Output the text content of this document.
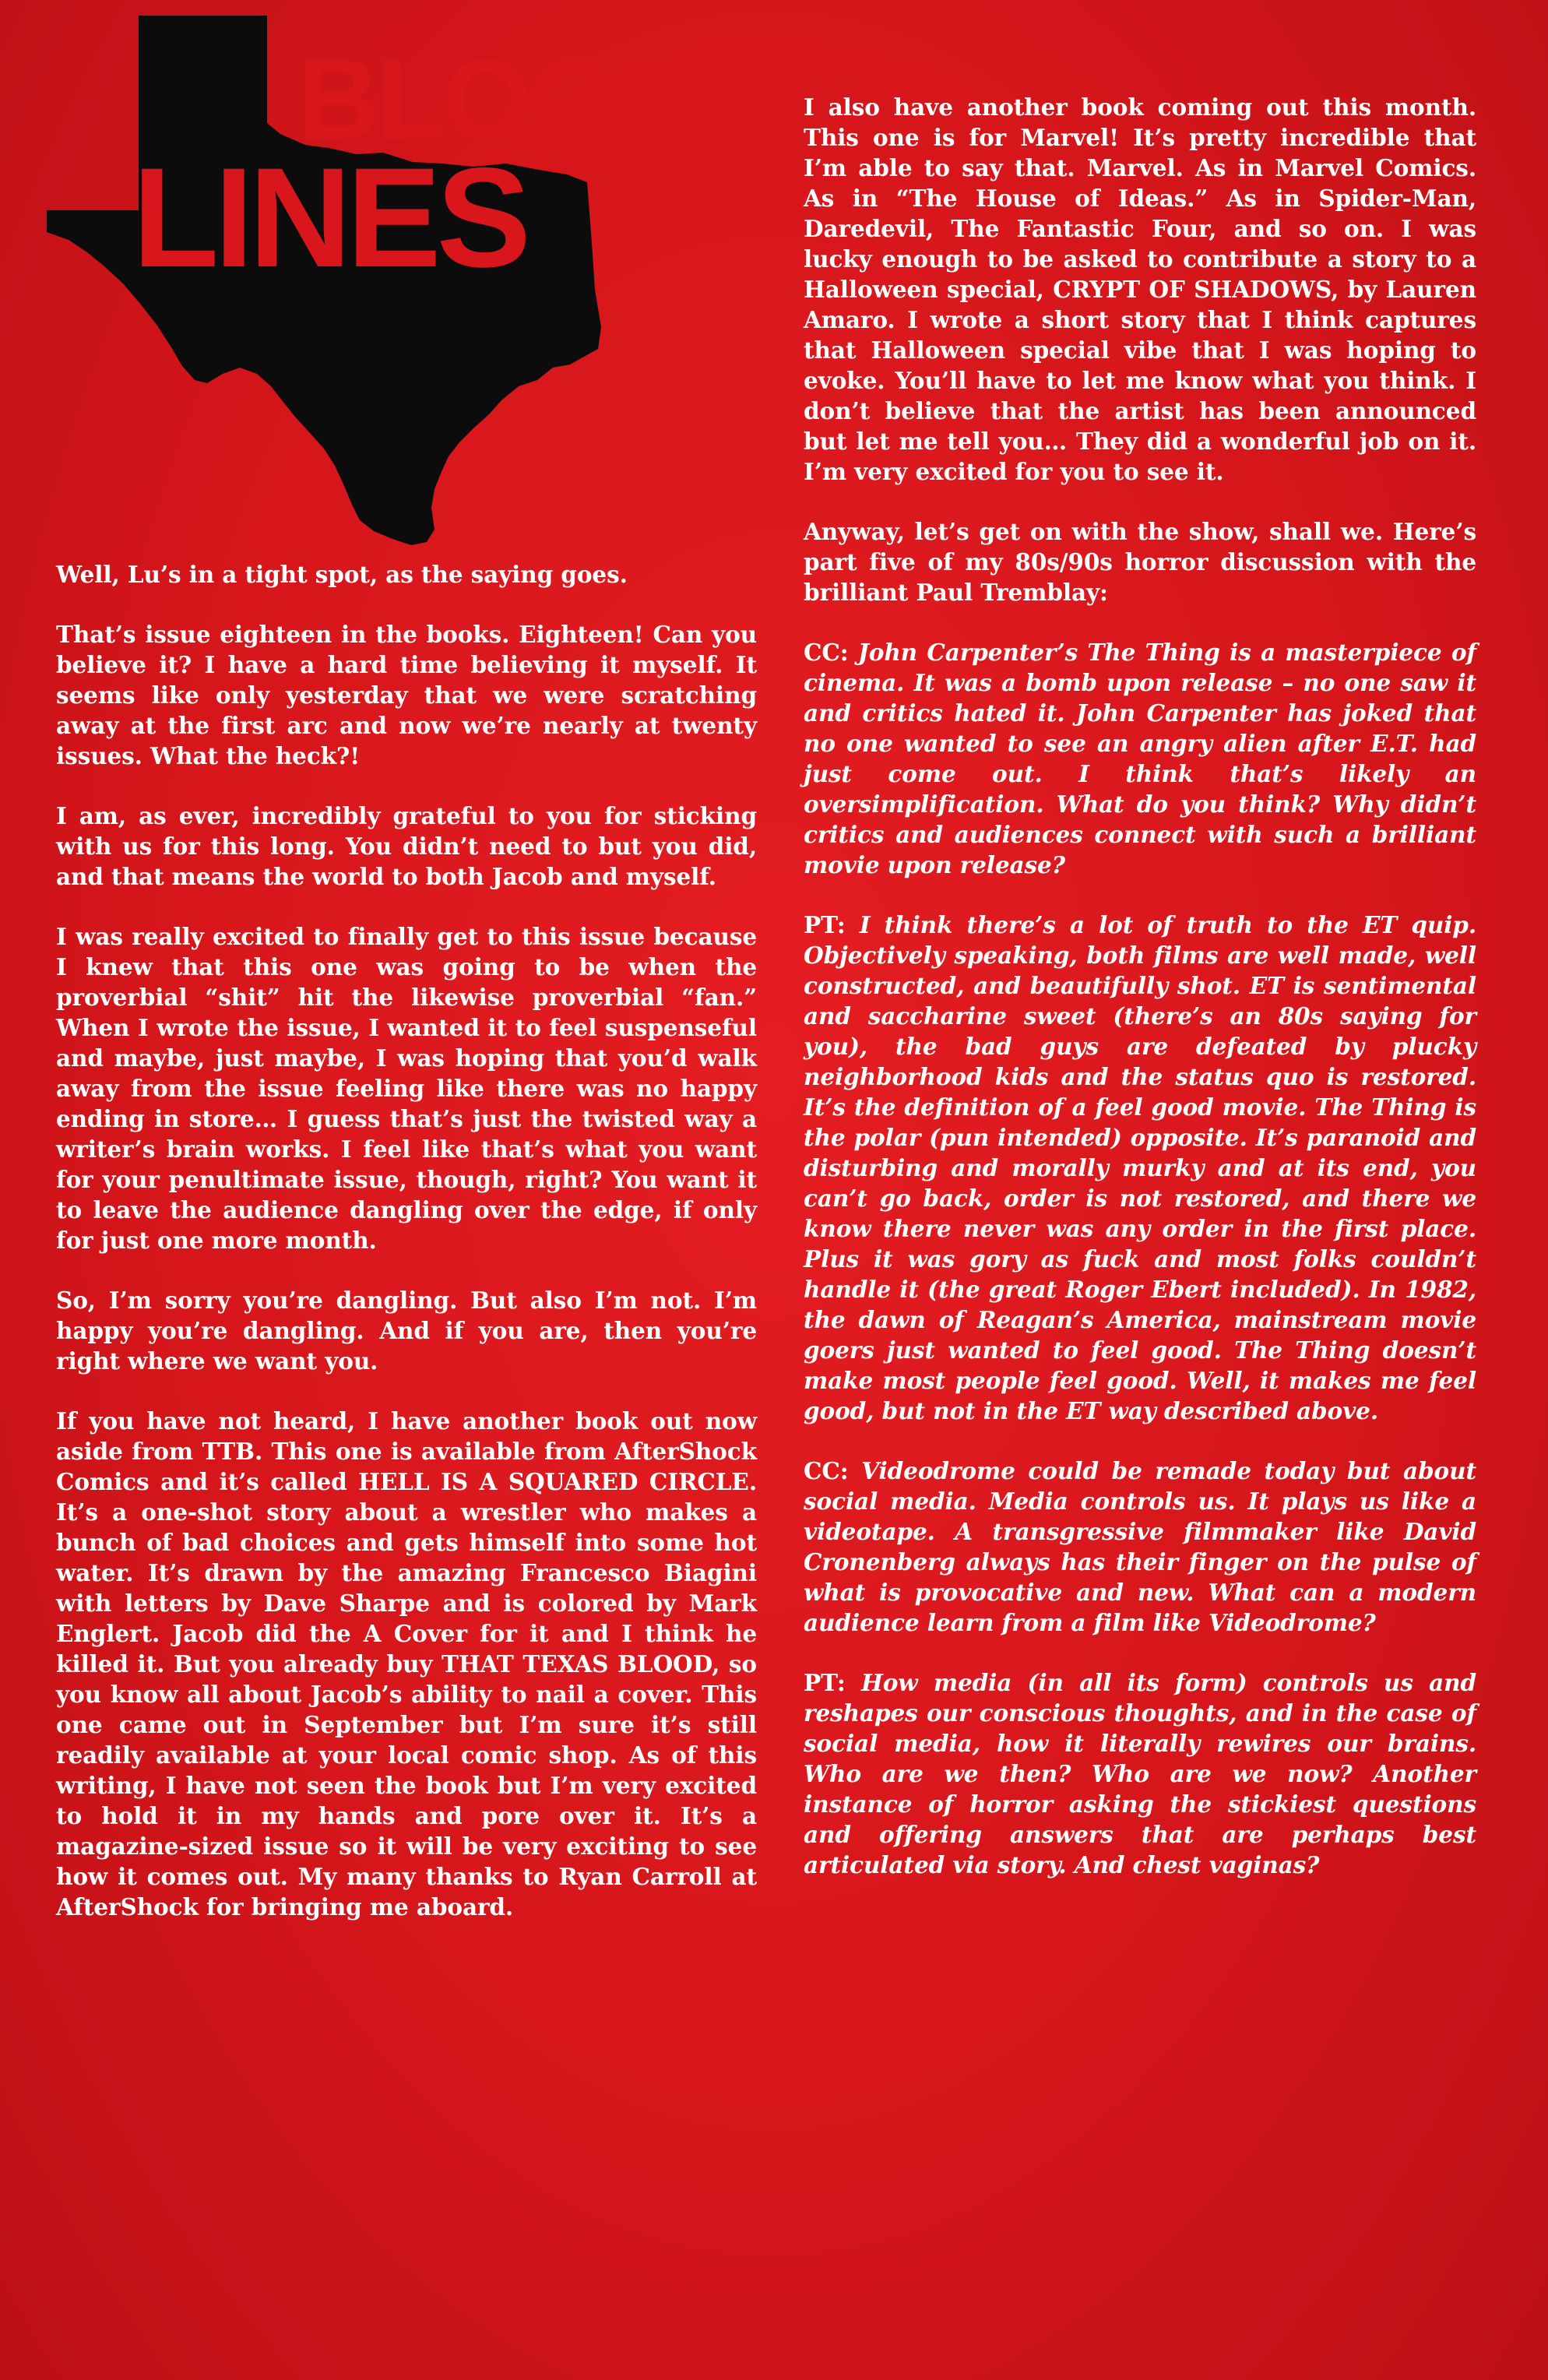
BLOOD
LINES

Well, Lu’s in a tight spot, as the saying goes.

That’s issue eighteen in the books. Eighteen! Can you believe it? I have a hard time believing it myself. It seems like only yesterday that we were scratching away at the first arc and now we’re nearly at twenty issues. What the heck?!

I am, as ever, incredibly grateful to you for sticking with us for this long. You didn’t need to but you did, and that means the world to both Jacob and myself.

I was really excited to finally get to this issue because I knew that this one was going to be when the proverbial “shit” hit the likewise proverbial “fan.” When I wrote the issue, I wanted it to feel suspenseful and maybe, just maybe, I was hoping that you’d walk away from the issue feeling like there was no happy ending in store… I guess that’s just the twisted way a writer’s brain works. I feel like that’s what you want for your penultimate issue, though, right? You want it to leave the audience dangling over the edge, if only for just one more month.

So, I’m sorry you’re dangling. But also I’m not. I’m happy you’re dangling. And if you are, then you’re right where we want you.

If you have not heard, I have another book out now aside from TTB. This one is available from AfterShock Comics and it’s called HELL IS A SQUARED CIRCLE. It’s a one-shot story about a wrestler who makes a bunch of bad choices and gets himself into some hot water. It’s drawn by the amazing Francesco Biagini with letters by Dave Sharpe and is colored by Mark Englert. Jacob did the A Cover for it and I think he killed it. But you already buy THAT TEXAS BLOOD, so you know all about Jacob’s ability to nail a cover. This one came out in September but I’m sure it’s still readily available at your local comic shop. As of this writing, I have not seen the book but I’m very excited to hold it in my hands and pore over it. It’s a magazine-sized issue so it will be very exciting to see how it comes out. My many thanks to Ryan Carroll at AfterShock for bringing me aboard.

I also have another book coming out this month. This one is for Marvel! It’s pretty incredible that I’m able to say that. Marvel. As in Marvel Comics. As in “The House of Ideas.” As in Spider-Man, Daredevil, The Fantastic Four, and so on. I was lucky enough to be asked to contribute a story to a Halloween special, CRYPT OF SHADOWS, by Lauren Amaro. I wrote a short story that I think captures that Halloween special vibe that I was hoping to evoke. You’ll have to let me know what you think. I don’t believe that the artist has been announced but let me tell you… They did a wonderful job on it. I’m very excited for you to see it.

Anyway, let’s get on with the show, shall we. Here’s part five of my 80s/90s horror discussion with the brilliant Paul Tremblay:

CC: John Carpenter’s The Thing is a masterpiece of cinema. It was a bomb upon release – no one saw it and critics hated it. John Carpenter has joked that no one wanted to see an angry alien after E.T. had just come out. I think that’s likely an oversimplification. What do you think? Why didn’t critics and audiences connect with such a brilliant movie upon release?

PT: I think there’s a lot of truth to the ET quip. Objectively speaking, both films are well made, well constructed, and beautifully shot. ET is sentimental and saccharine sweet (there’s an 80s saying for you), the bad guys are defeated by plucky neighborhood kids and the status quo is restored. It’s the definition of a feel good movie. The Thing is the polar (pun intended) opposite. It’s paranoid and disturbing and morally murky and at its end, you can’t go back, order is not restored, and there we know there never was any order in the first place. Plus it was gory as fuck and most folks couldn’t handle it (the great Roger Ebert included). In 1982, the dawn of Reagan’s America, mainstream movie goers just wanted to feel good. The Thing doesn’t make most people feel good. Well, it makes me feel good, but not in the ET way described above.

CC: Videodrome could be remade today but about social media. Media controls us. It plays us like a videotape. A transgressive filmmaker like David Cronenberg always has their finger on the pulse of what is provocative and new. What can a modern audience learn from a film like Videodrome?

PT: How media (in all its form) controls us and reshapes our conscious thoughts, and in the case of social media, how it literally rewires our brains. Who are we then? Who are we now? Another instance of horror asking the stickiest questions and offering answers that are perhaps best articulated via story. And chest vaginas?
